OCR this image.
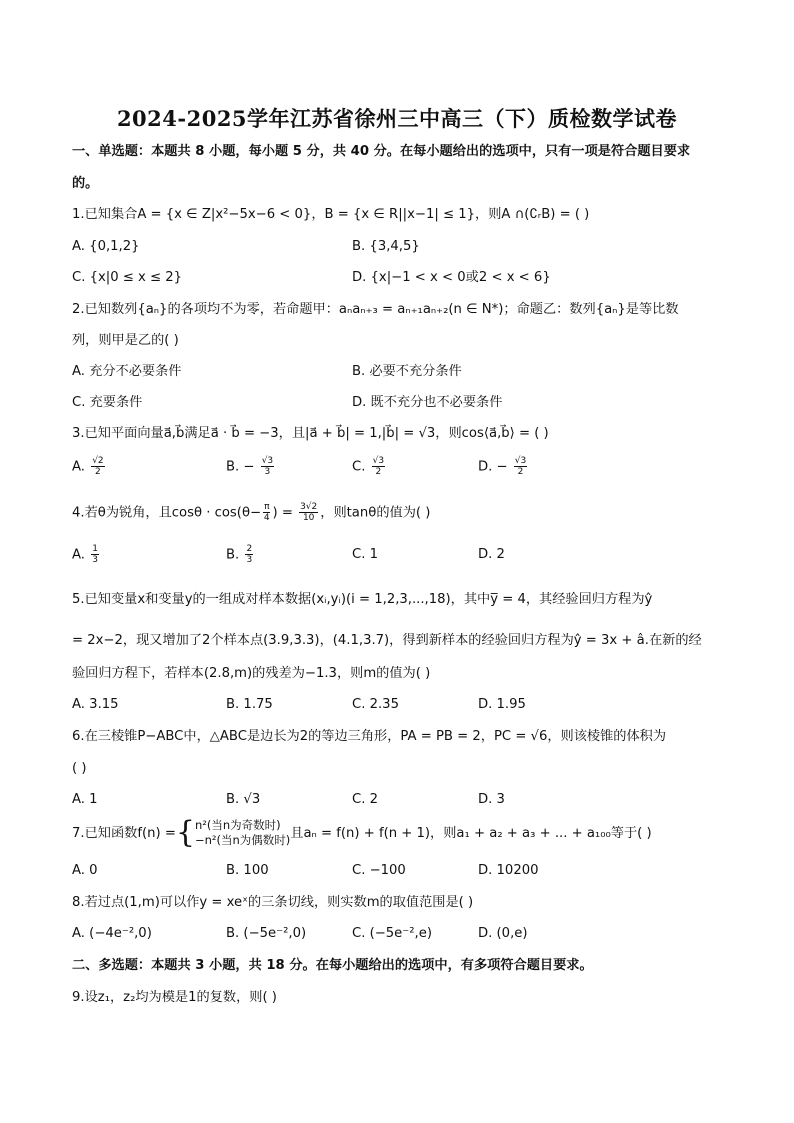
2024-2025学年江苏省徐州三中高三（下）质检数学试卷
一、单选题：本题共 8 小题，每小题 5 分，共 40 分。在每小题给出的选项中，只有一项是符合题目要求
的。
1.已知集合A = {x ∈ Z|x²−5x−6 < 0}，B = {x ∈ R||x−1| ≤ 1}，则A ∩(∁ᵣB) = ( )
A. {0,1,2}	B. {3,4,5}
C. {x|0 ≤ x ≤ 2}	D. {x|−1 < x < 0或2 < x < 6}
2.已知数列{aₙ}的各项均不为零，若命题甲：aₙaₙ₊₃ = aₙ₊₁aₙ₊₂(n ∈ N*)；命题乙：数列{aₙ}是等比数
列，则甲是乙的( )
A. 充分不必要条件	B. 必要不充分条件
C. 充要条件	D. 既不充分也不必要条件
3.已知平面向量a⃗,b⃗满足a⃗ · b⃗ = −3，且|a⃗ + b⃗| = 1,|b⃗| = √3，则cos⟨a⃗,b⃗⟩ = ( )
A. $\frac{√2}{2}$	B. − $\frac{√3}{3}$	C. $\frac{√3}{2}$	D. − $\frac{√3}{2}$
4.若θ为锐角，且$\cos\theta \cdot \cos(\theta- \frac{\pi}{4}$ ) = $\frac{3√2}{10}$ ，则tanθ的值为( )
A. $\frac{1}{3}$	B. $\frac{2}{3}$	C. 1	D. 2
5.已知变量x和变量y的一组成对样本数据(xᵢ,yᵢ)(i = 1,2,3,...,18)，其中y̅ = 4，其经验回归方程为ŷ
= 2x−2，现又增加了2个样本点(3.9,3.3)，(4.1,3.7)，得到新样本的经验回归方程为ŷ = 3x + â.在新的经
验回归方程下，若样本(2.8,m)的残差为−1.3，则m的值为( )
A. 3.15	B. 1.75	C. 2.35	D. 1.95
6.在三棱锥P−ABC中，△ABC是边长为2的等边三角形，PA = PB = 2，PC = √6，则该棱锥的体积为
( )
A. 1	B. √3	C. 2	D. 3
7.已知函数f(n) ={ n²(当n为奇数时)
−n²(当n为偶数时) 且aₙ = f(n) + f(n + 1)，则a₁ + a₂ + a₃ + ... + a₁₀₀等于( )
A. 0	B. 100	C. −100	D. 10200
8.若过点(1,m)可以作y = xeˣ的三条切线，则实数m的取值范围是( )
A. (−4e⁻²,0)	B. (−5e⁻²,0)	C. (−5e⁻²,e)	D. (0,e)
二、多选题：本题共 3 小题，共 18 分。在每小题给出的选项中，有多项符合题目要求。
9.设z₁，z₂均为模是1的复数，则( )
